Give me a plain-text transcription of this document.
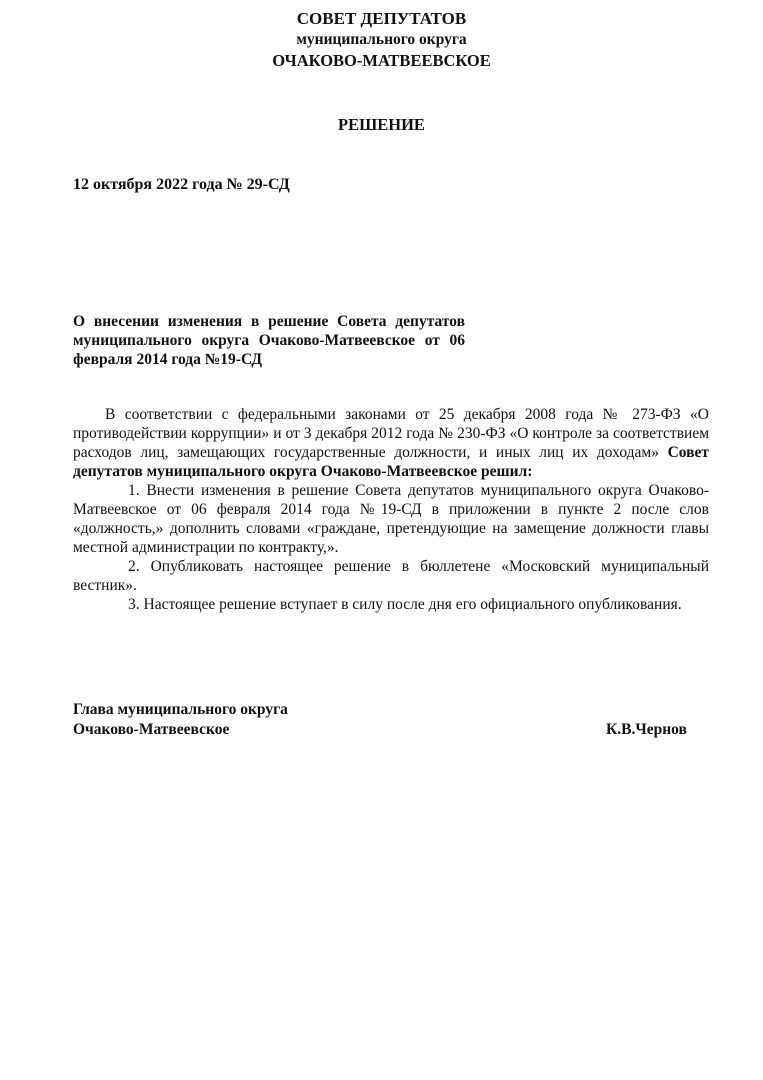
СОВЕТ ДЕПУТАТОВ
муниципального округа
ОЧАКОВО-МАТВЕЕВСКОЕ
РЕШЕНИЕ
12 октября 2022 года № 29-СД
О внесении изменения в решение Совета депутатов муниципального округа Очаково-Матвеевское от 06 февраля 2014 года №19-СД

В соответствии с федеральными законами от 25 декабря 2008 года № 273-ФЗ «О противодействии коррупции» и от 3 декабря 2012 года № 230-ФЗ «О контроле за соответствием расходов лиц, замещающих государственные должности, и иных лиц их доходам» Совет депутатов муниципального округа Очаково-Матвеевское решил:

1. Внести изменения в решение Совета депутатов муниципального округа Очаково-Матвеевское от 06 февраля 2014 года №19-СД в приложении в пункте 2 после слов «должность,» дополнить словами «граждане, претендующие на замещение должности главы местной администрации по контракту,».

2. Опубликовать настоящее решение в бюллетене «Московский муниципальный вестник».

3. Настоящее решение вступает в силу после дня его официального опубликования.

Глава муниципального округа
Очаково-Матвеевское	К.В.Чернов
